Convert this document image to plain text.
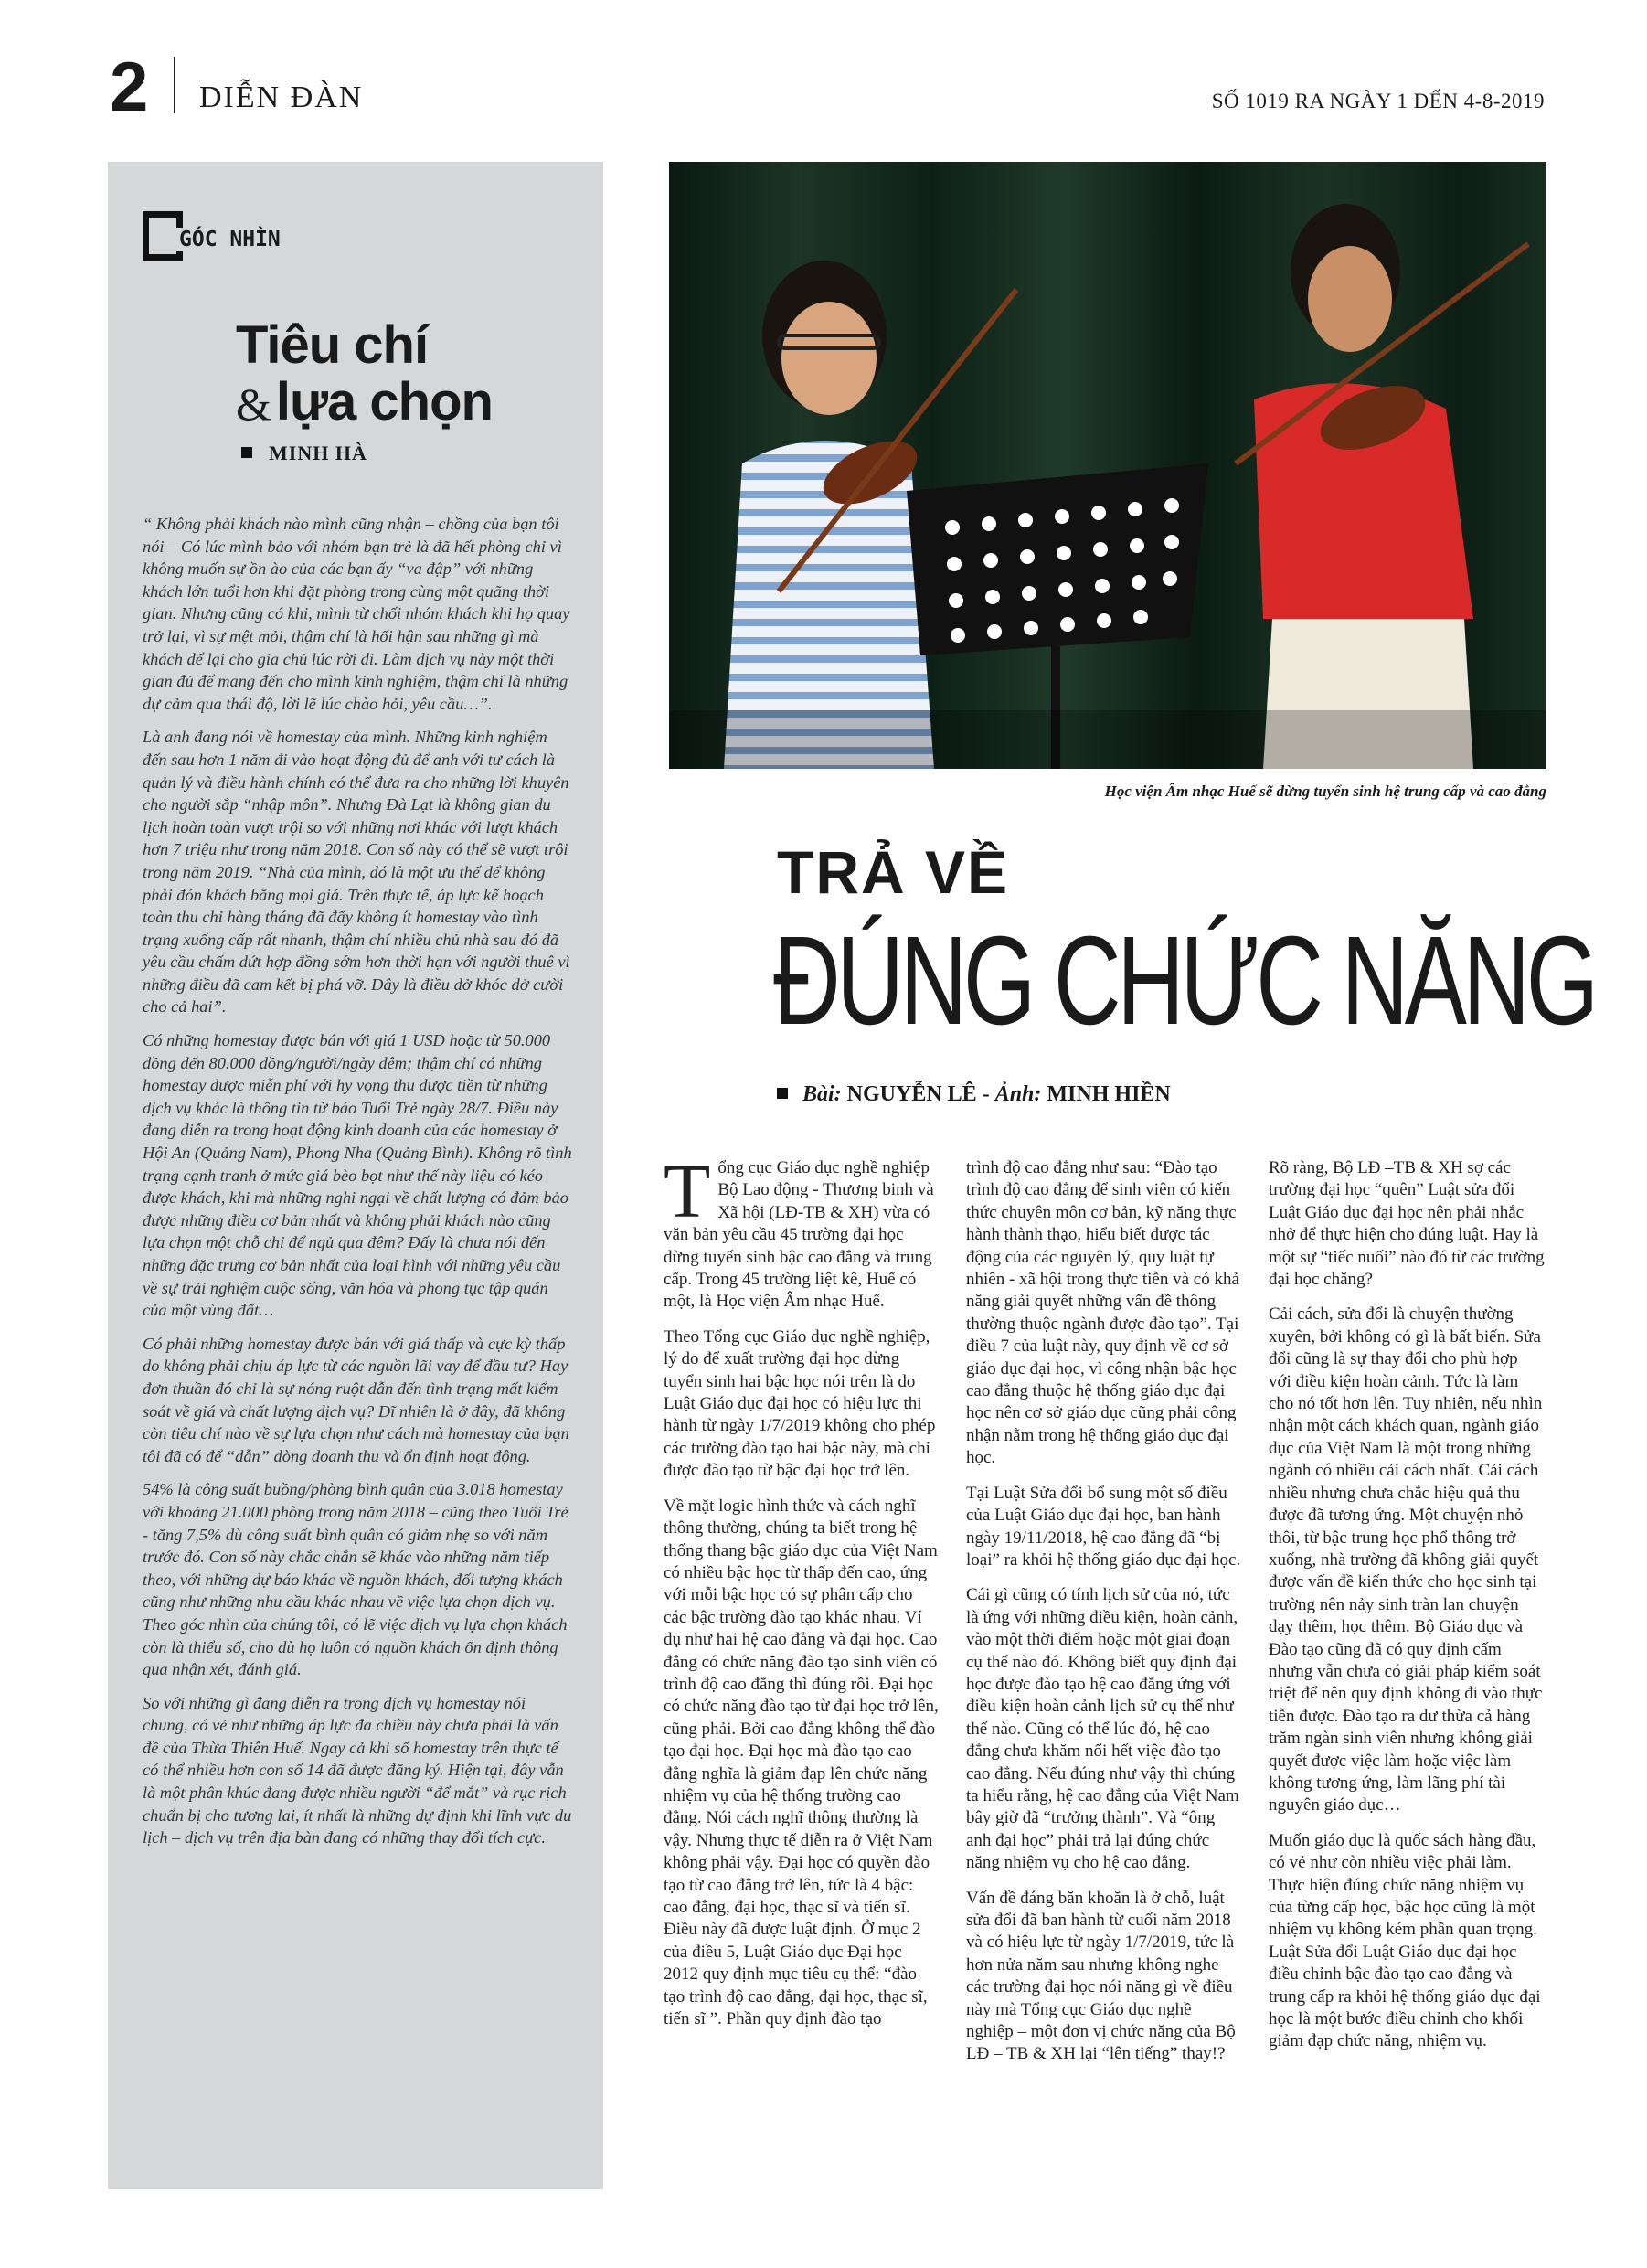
2 DIỄN ĐÀN	SỐ 1019 RA NGÀY 1 ĐẾN 4-8-2019
GÓC NHÌN
Tiêu chí
& lựa chọn
MINH HÀ

“ Không phải khách nào mình cũng nhận – chồng của bạn tôi nói – Có lúc mình bảo với nhóm bạn trẻ là đã hết phòng chỉ vì không muốn sự ồn ào của các bạn ấy “va đập” với những khách lớn tuổi hơn khi đặt phòng trong cùng một quãng thời gian. Nhưng cũng có khi, mình từ chối nhóm khách khi họ quay trở lại, vì sự mệt mỏi, thậm chí là hối hận sau những gì mà khách để lại cho gia chủ lúc rời đi. Làm dịch vụ này một thời gian đủ để mang đến cho mình kinh nghiệm, thậm chí là những dự cảm qua thái độ, lời lẽ lúc chào hỏi, yêu cầu…”.

Là anh đang nói về homestay của mình. Những kinh nghiệm đến sau hơn 1 năm đi vào hoạt động đủ để anh với tư cách là quản lý và điều hành chính có thể đưa ra cho những lời khuyên cho người sắp “nhập môn”. Nhưng Đà Lạt là không gian du lịch hoàn toàn vượt trội so với những nơi khác với lượt khách hơn 7 triệu như trong năm 2018. Con số này có thể sẽ vượt trội trong năm 2019. “Nhà của mình, đó là một ưu thế để không phải đón khách bằng mọi giá. Trên thực tế, áp lực kế hoạch toàn thu chỉ hàng tháng đã đẩy không ít homestay vào tình trạng xuống cấp rất nhanh, thậm chí nhiều chủ nhà sau đó đã yêu cầu chấm dứt hợp đồng sớm hơn thời hạn với người thuê vì những điều đã cam kết bị phá vỡ. Đây là điều dở khóc dở cười cho cả hai”.

Có những homestay được bán với giá 1 USD hoặc từ 50.000 đồng đến 80.000 đồng/người/ngày đêm; thậm chí có những homestay được miễn phí với hy vọng thu được tiền từ những dịch vụ khác là thông tin từ báo Tuổi Trẻ ngày 28/7. Điều này đang diễn ra trong hoạt động kinh doanh của các homestay ở Hội An (Quảng Nam), Phong Nha (Quảng Bình). Không rõ tình trạng cạnh tranh ở mức giá bèo bọt như thế này liệu có kéo được khách, khi mà những nghi ngại về chất lượng có đảm bảo được những điều cơ bản nhất và không phải khách nào cũng lựa chọn một chỗ chỉ để ngủ qua đêm? Đấy là chưa nói đến những đặc trưng cơ bản nhất của loại hình với những yêu cầu về sự trải nghiệm cuộc sống, văn hóa và phong tục tập quán của một vùng đất…

Có phải những homestay được bán với giá thấp và cực kỳ thấp do không phải chịu áp lực từ các nguồn lãi vay để đầu tư? Hay đơn thuần đó chỉ là sự nóng ruột dẫn đến tình trạng mất kiểm soát về giá và chất lượng dịch vụ? Dĩ nhiên là ở đây, đã không còn tiêu chí nào về sự lựa chọn như cách mà homestay của bạn tôi đã có để “dẫn” dòng doanh thu và ổn định hoạt động.

54% là công suất buồng/phòng bình quân của 3.018 homestay với khoảng 21.000 phòng trong năm 2018 – cũng theo Tuổi Trẻ - tăng 7,5% dù công suất bình quân có giảm nhẹ so với năm trước đó. Con số này chắc chắn sẽ khác vào những năm tiếp theo, với những dự báo khác về nguồn khách, đối tượng khách cũng như những nhu cầu khác nhau về việc lựa chọn dịch vụ. Theo góc nhìn của chúng tôi, có lẽ việc dịch vụ lựa chọn khách còn là thiểu số, cho dù họ luôn có nguồn khách ổn định thông qua nhận xét, đánh giá.

So với những gì đang diễn ra trong dịch vụ homestay nói chung, có vẻ như những áp lực đa chiều này chưa phải là vấn đề của Thừa Thiên Huế. Ngay cả khi số homestay trên thực tế có thể nhiều hơn con số 14 đã được đăng ký. Hiện tại, đây vẫn là một phân khúc đang được nhiều người “để mắt” và rục rịch chuẩn bị cho tương lai, ít nhất là những dự định khi lĩnh vực du lịch – dịch vụ trên địa bàn đang có những thay đổi tích cực.

Học viện Âm nhạc Huế sẽ dừng tuyển sinh hệ trung cấp và cao đẳng
TRẢ VỀ
ĐÚNG CHỨC NĂNG
Bài: NGUYỄN LÊ - Ảnh: MINH HIỀN

Tổng cục Giáo dục nghề nghiệp Bộ Lao động - Thương binh và Xã hội (LĐ-TB & XH) vừa có văn bản yêu cầu 45 trường đại học dừng tuyển sinh bậc cao đẳng và trung cấp. Trong 45 trường liệt kê, Huế có một, là Học viện Âm nhạc Huế.

Theo Tổng cục Giáo dục nghề nghiệp, lý do để xuất trường đại học dừng tuyển sinh hai bậc học nói trên là do Luật Giáo dục đại học có hiệu lực thi hành từ ngày 1/7/2019 không cho phép các trường đào tạo hai bậc này, mà chỉ được đào tạo từ bậc đại học trở lên.

Về mặt logic hình thức và cách nghĩ thông thường, chúng ta biết trong hệ thống thang bậc giáo dục của Việt Nam có nhiều bậc học từ thấp đến cao, ứng với mỗi bậc học có sự phân cấp cho các bậc trường đào tạo khác nhau. Ví dụ như hai hệ cao đẳng và đại học. Cao đẳng có chức năng đào tạo sinh viên có trình độ cao đẳng thì đúng rồi. Đại học có chức năng đào tạo từ đại học trở lên, cũng phải. Bởi cao đẳng không thể đào tạo đại học. Đại học mà đào tạo cao đẳng nghĩa là giảm đạp lên chức năng nhiệm vụ của hệ thống trường cao đẳng. Nói cách nghĩ thông thường là vậy. Nhưng thực tế diễn ra ở Việt Nam không phải vậy. Đại học có quyền đào tạo từ cao đẳng trở lên, tức là 4 bậc: cao đẳng, đại học, thạc sĩ và tiến sĩ. Điều này đã được luật định. Ở mục 2 của điều 5, Luật Giáo dục Đại học 2012 quy định mục tiêu cụ thể: “đào tạo trình độ cao đẳng, đại học, thạc sĩ, tiến sĩ ”. Phần quy định đào tạo

trình độ cao đẳng như sau: “Đào tạo trình độ cao đẳng để sinh viên có kiến thức chuyên môn cơ bản, kỹ năng thực hành thành thạo, hiểu biết được tác động của các nguyên lý, quy luật tự nhiên - xã hội trong thực tiễn và có khả năng giải quyết những vấn đề thông thường thuộc ngành được đào tạo”. Tại điều 7 của luật này, quy định về cơ sở giáo dục đại học, vì công nhận bậc học cao đẳng thuộc hệ thống giáo dục đại học nên cơ sở giáo dục cũng phải công nhận nằm trong hệ thống giáo dục đại học.

Tại Luật Sửa đổi bổ sung một số điều của Luật Giáo dục đại học, ban hành ngày 19/11/2018, hệ cao đẳng đã “bị loại” ra khỏi hệ thống giáo dục đại học.

Cái gì cũng có tính lịch sử của nó, tức là ứng với những điều kiện, hoàn cảnh, vào một thời điểm hoặc một giai đoạn cụ thể nào đó. Không biết quy định đại học được đào tạo hệ cao đẳng ứng với điều kiện hoàn cảnh lịch sử cụ thể như thế nào. Cũng có thể lúc đó, hệ cao đẳng chưa khăm nổi hết việc đào tạo cao đẳng. Nếu đúng như vậy thì chúng ta hiểu rằng, hệ cao đẳng của Việt Nam bây giờ đã “trưởng thành”. Và “ông anh đại học” phải trả lại đúng chức năng nhiệm vụ cho hệ cao đẳng.

Vấn đề đáng băn khoăn là ở chỗ, luật sửa đổi đã ban hành từ cuối năm 2018 và có hiệu lực từ ngày 1/7/2019, tức là hơn nửa năm sau nhưng không nghe các trường đại học nói năng gì về điều này mà Tổng cục Giáo dục nghề nghiệp – một đơn vị chức năng của Bộ LĐ – TB & XH lại “lên tiếng” thay!?

Rõ ràng, Bộ LĐ –TB & XH sợ các trường đại học “quên” Luật sửa đổi Luật Giáo dục đại học nên phải nhắc nhở để thực hiện cho đúng luật. Hay là một sự “tiếc nuối” nào đó từ các trường đại học chăng?

Cải cách, sửa đổi là chuyện thường xuyên, bởi không có gì là bất biến. Sửa đổi cũng là sự thay đổi cho phù hợp với điều kiện hoàn cảnh. Tức là làm cho nó tốt hơn lên. Tuy nhiên, nếu nhìn nhận một cách khách quan, ngành giáo dục của Việt Nam là một trong những ngành có nhiều cải cách nhất. Cải cách nhiều nhưng chưa chắc hiệu quả thu được đã tương ứng. Một chuyện nhỏ thôi, từ bậc trung học phổ thông trở xuống, nhà trường đã không giải quyết được vấn đề kiến thức cho học sinh tại trường nên nảy sinh tràn lan chuyện dạy thêm, học thêm. Bộ Giáo dục và Đào tạo cũng đã có quy định cấm nhưng vẫn chưa có giải pháp kiểm soát triệt để nên quy định không đi vào thực tiễn được. Đào tạo ra dư thừa cả hàng trăm ngàn sinh viên nhưng không giải quyết được việc làm hoặc việc làm không tương ứng, làm lãng phí tài nguyên giáo dục…

Muốn giáo dục là quốc sách hàng đầu, có vẻ như còn nhiều việc phải làm. Thực hiện đúng chức năng nhiệm vụ của từng cấp học, bậc học cũng là một nhiệm vụ không kém phần quan trọng. Luật Sửa đổi Luật Giáo dục đại học điều chỉnh bậc đào tạo cao đẳng và trung cấp ra khỏi hệ thống giáo dục đại học là một bước điều chỉnh cho khối giảm đạp chức năng, nhiệm vụ.
